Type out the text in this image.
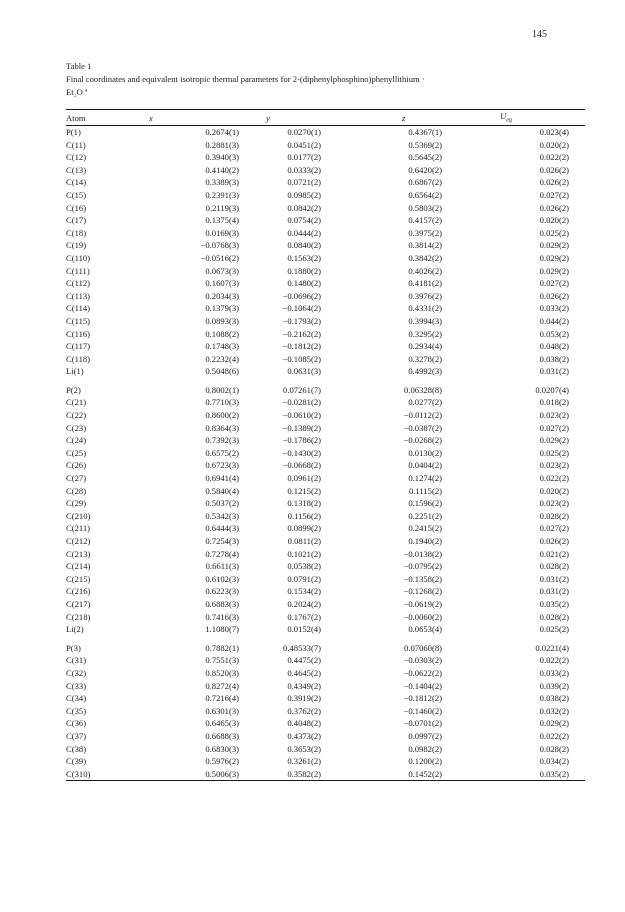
145
Table 1
Final coordinates and equivalent isotropic thermal parameters for 2-(diphenylphosphino)phenyllithium ·
Et₂O ª
Atom	x	y	z	$U_{eq}$
P(1)	0.2674(1)	0.0270(1)	0.4367(1)	0.023(4)
C(11)	0.2881(3)	0.0451(2)	0.5369(2)	0.020(2)
C(12)	0.3940(3)	0.0177(2)	0.5645(2)	0.022(2)
C(13)	0.4140(2)	0.0333(2)	0.6420(2)	0.026(2)
C(14)	0.3389(3)	0.0721(2)	0.6867(2)	0.026(2)
C(15)	0.2391(3)	0.0985(2)	0.6564(2)	0.027(2)
C(16)	0.2119(3)	0.0842(2)	0.5803(2)	0.026(2)
C(17)	0.1375(4)	0.0754(2)	0.4157(2)	0.020(2)
C(18)	0.0169(3)	0.0444(2)	0.3975(2)	0.025(2)
C(19)	−0.0768(3)	0.0840(2)	0.3814(2)	0.029(2)
C(110)	−0.0516(2)	0.1563(2)	0.3842(2)	0.029(2)
C(111)	0.0673(3)	0.1880(2)	0.4026(2)	0.029(2)
C(112)	0.1607(3)	0.1480(2)	0.4181(2)	0.027(2)
C(113)	0.2034(3)	−0.0696(2)	0.3976(2)	0.026(2)
C(114)	0.1379(3)	−0.1064(2)	0.4331(2)	0.033(2)
C(115)	0.0893(3)	−0.1793(2)	0.3994(3)	0.044(2)
C(116)	0.1088(2)	−0.2162(2)	0.3295(2)	0.053(2)
C(117)	0.1748(3)	−0.1812(2)	0.2934(4)	0.048(2)
C(118)	0.2232(4)	−0.1085(2)	0.3278(2)	0.038(2)
Li(1)	0.5048(6)	0.0631(3)	0.4992(3)	0.031(2)
P(2)	0.8002(1)	0.07261(7)	0.06328(8)	0.0207(4)
C(21)	0.7710(3)	−0.0281(2)	0.0277(2)	0.018(2)
C(22)	0.8600(2)	−0.0610(2)	−0.0112(2)	0.023(2)
C(23)	0.8364(3)	−0.1389(2)	−0.0387(2)	0.027(2)
C(24)	0.7392(3)	−0.1786(2)	−0.0268(2)	0.029(2)
C(25)	0.6575(2)	−0.1430(2)	0.0130(2)	0.025(2)
C(26)	0.6723(3)	−0.0668(2)	0.0404(2)	0.023(2)
C(27)	0.6941(4)	0.0961(2)	0.1274(2)	0.022(2)
C(28)	0.5840(4)	0.1215(2)	0.1115(2)	0.020(2)
C(29)	0.5037(2)	0.1318(2)	0.1596(2)	0.023(2)
C(210)	0.5342(3)	0.1156(2)	0.2251(2)	0.028(2)
C(211)	0.6444(3)	0.0899(2)	0.2415(2)	0.027(2)
C(212)	0.7254(3)	0.0811(2)	0.1940(2)	0.026(2)
C(213)	0.7278(4)	0.1021(2)	−0.0138(2)	0.021(2)
C(214)	0.6611(3)	0.0538(2)	−0.0795(2)	0.028(2)
C(215)	0.6102(3)	0.0791(2)	−0.1358(2)	0.031(2)
C(216)	0.6223(3)	0.1534(2)	−0.1268(2)	0.031(2)
C(217)	0.6883(3)	0.2024(2)	−0.0619(2)	0.035(2)
C(218)	0.7416(3)	0.1767(2)	−0.0060(2)	0.028(2)
Li(2)	1.1080(7)	0.0152(4)	0.0653(4)	0.025(2)
P(3)	0.7882(1)	0.48533(7)	0.07060(8)	0.0221(4)
C(31)	0.7551(3)	0.4475(2)	−0.0303(2)	0.022(2)
C(32)	0.8520(3)	0.4645(2)	−0.0622(2)	0.033(2)
C(33)	0.8272(4)	0.4349(2)	−0.1404(2)	0.039(2)
C(34)	0.7216(4)	0.3919(2)	−0.1812(2)	0.038(2)
C(35)	0.6301(3)	0.3762(2)	−0.1460(2)	0.032(2)
C(36)	0.6465(3)	0.4048(2)	−0.0701(2)	0.029(2)
C(37)	0.6688(3)	0.4373(2)	0.0997(2)	0.022(2)
C(38)	0.6830(3)	0.3653(2)	0.0982(2)	0.028(2)
C(39)	0.5976(2)	0.3261(2)	0.1200(2)	0.034(2)
C(310)	0.5006(3)	0.3582(2)	0.1452(2)	0.035(2)
